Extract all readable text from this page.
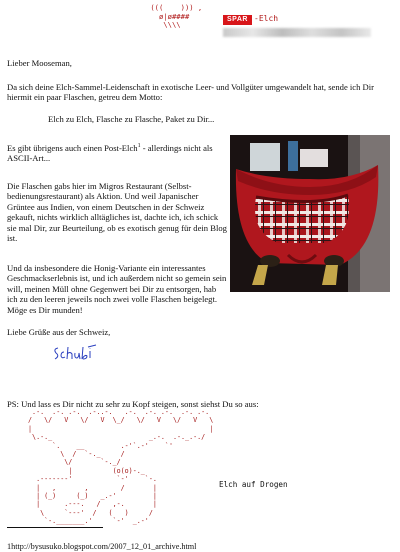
(((    ))) ,
ø|ø####
\\\\
SPAR -Elch

Lieber Mooseman,

Da sich deine Elch-Sammel-Leidenschaft in exotische Leer- und Vollgüter umgewandelt hat, sende ich Dir hiermit ein paar Flaschen, getreu dem Motto:

Elch zu Elch, Flasche zu Flasche, Paket zu Dir...

Es gibt übrigens auch einen Post-Elch$^1$ - allerdings nicht als ASCII-Art...

Die Flaschen gabs hier im Migros Restaurant (Selbst-bedienungsrestaurant) als Aktion. Und weil Japanischer Grüntee aus Indien, von einem Deutschen in der Schweiz gekauft, nichts wirklich alltägliches ist, dachte ich, ich schick sie mal Dir, zur Beurteilung, ob es exotisch genug für dein Blog ist.

Und da insbesondere die Honig-Variante ein interessantes Geschmackserlebnis ist, und ich außerdem nicht so gemein sein will, meinen Müll ohne Gegenwert bei Dir zu entsorgen, hab ich zu den leeren jeweils noch zwei volle Flaschen beigelegt. Möge es Dir munden!

Liebe Grüße aus der Schweiz,

PS: Und lass es Dir nicht zu sehr zu Kopf steigen, sonst siehst Du so aus:

.-.  .-. .-.  .-..-.   .-.  .-. .-.  .-. .-.
/   \/   V   \/   V  \_/   \/   V   \/   V   \
|                                            |
\.-._                        _.-.  .-._.-./
`.    __         .-'`.-'    `'
\  /  `-._     /
\/       `-._/
|          (o(o)-._
.-------'           `-'    `-.
|   ,       ,        /       |
| (_)     (_)   _.-'         |
|      .---.   /   ,-.       |
\     `---'  /   (   )     /
`-._______.'     `-'  _.-'
Elch auf Drogen

1http://bysusuko.blogspot.com/2007_12_01_archive.html
